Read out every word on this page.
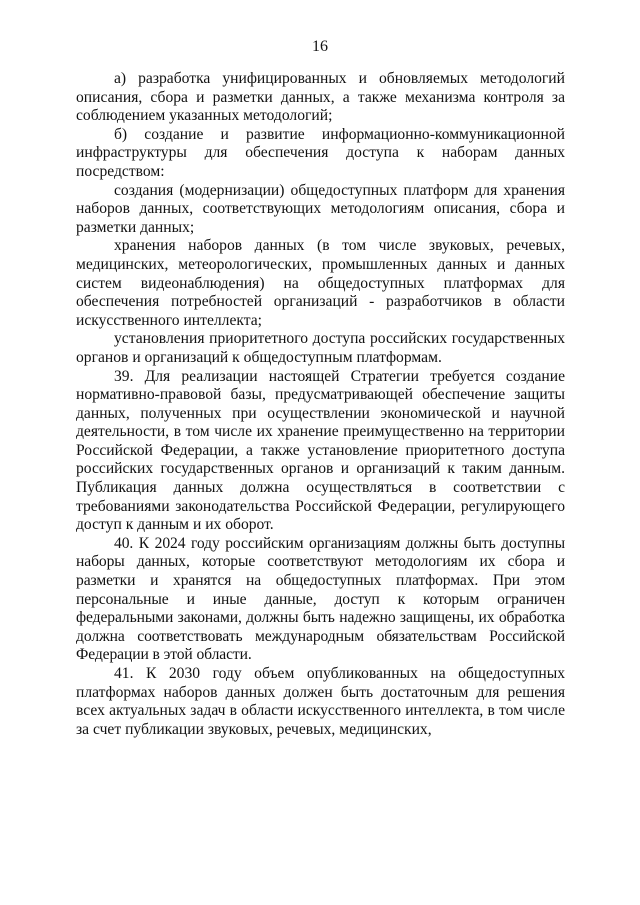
16

а) разработка унифицированных и обновляемых методологий описания, сбора и разметки данных, а также механизма контроля за соблюдением указанных методологий;

б) создание и развитие информационно-коммуникационной инфраструктуры для обеспечения доступа к наборам данных посредством:

создания (модернизации) общедоступных платформ для хранения наборов данных, соответствующих методологиям описания, сбора и разметки данных;

хранения наборов данных (в том числе звуковых, речевых, медицинских, метеорологических, промышленных данных и данных систем видеонаблюдения) на общедоступных платформах для обеспечения потребностей организаций - разработчиков в области искусственного интеллекта;

установления приоритетного доступа российских государственных органов и организаций к общедоступным платформам.

39. Для реализации настоящей Стратегии требуется создание нормативно-правовой базы, предусматривающей обеспечение защиты данных, полученных при осуществлении экономической и научной деятельности, в том числе их хранение преимущественно на территории Российской Федерации, а также установление приоритетного доступа российских государственных органов и организаций к таким данным. Публикация данных должна осуществляться в соответствии с требованиями законодательства Российской Федерации, регулирующего доступ к данным и их оборот.

40. К 2024 году российским организациям должны быть доступны наборы данных, которые соответствуют методологиям их сбора и разметки и хранятся на общедоступных платформах. При этом персональные и иные данные, доступ к которым ограничен федеральными законами, должны быть надежно защищены, их обработка должна соответствовать международным обязательствам Российской Федерации в этой области.

41. К 2030 году объем опубликованных на общедоступных платформах наборов данных должен быть достаточным для решения всех актуальных задач в области искусственного интеллекта, в том числе за счет публикации звуковых, речевых, медицинских,
